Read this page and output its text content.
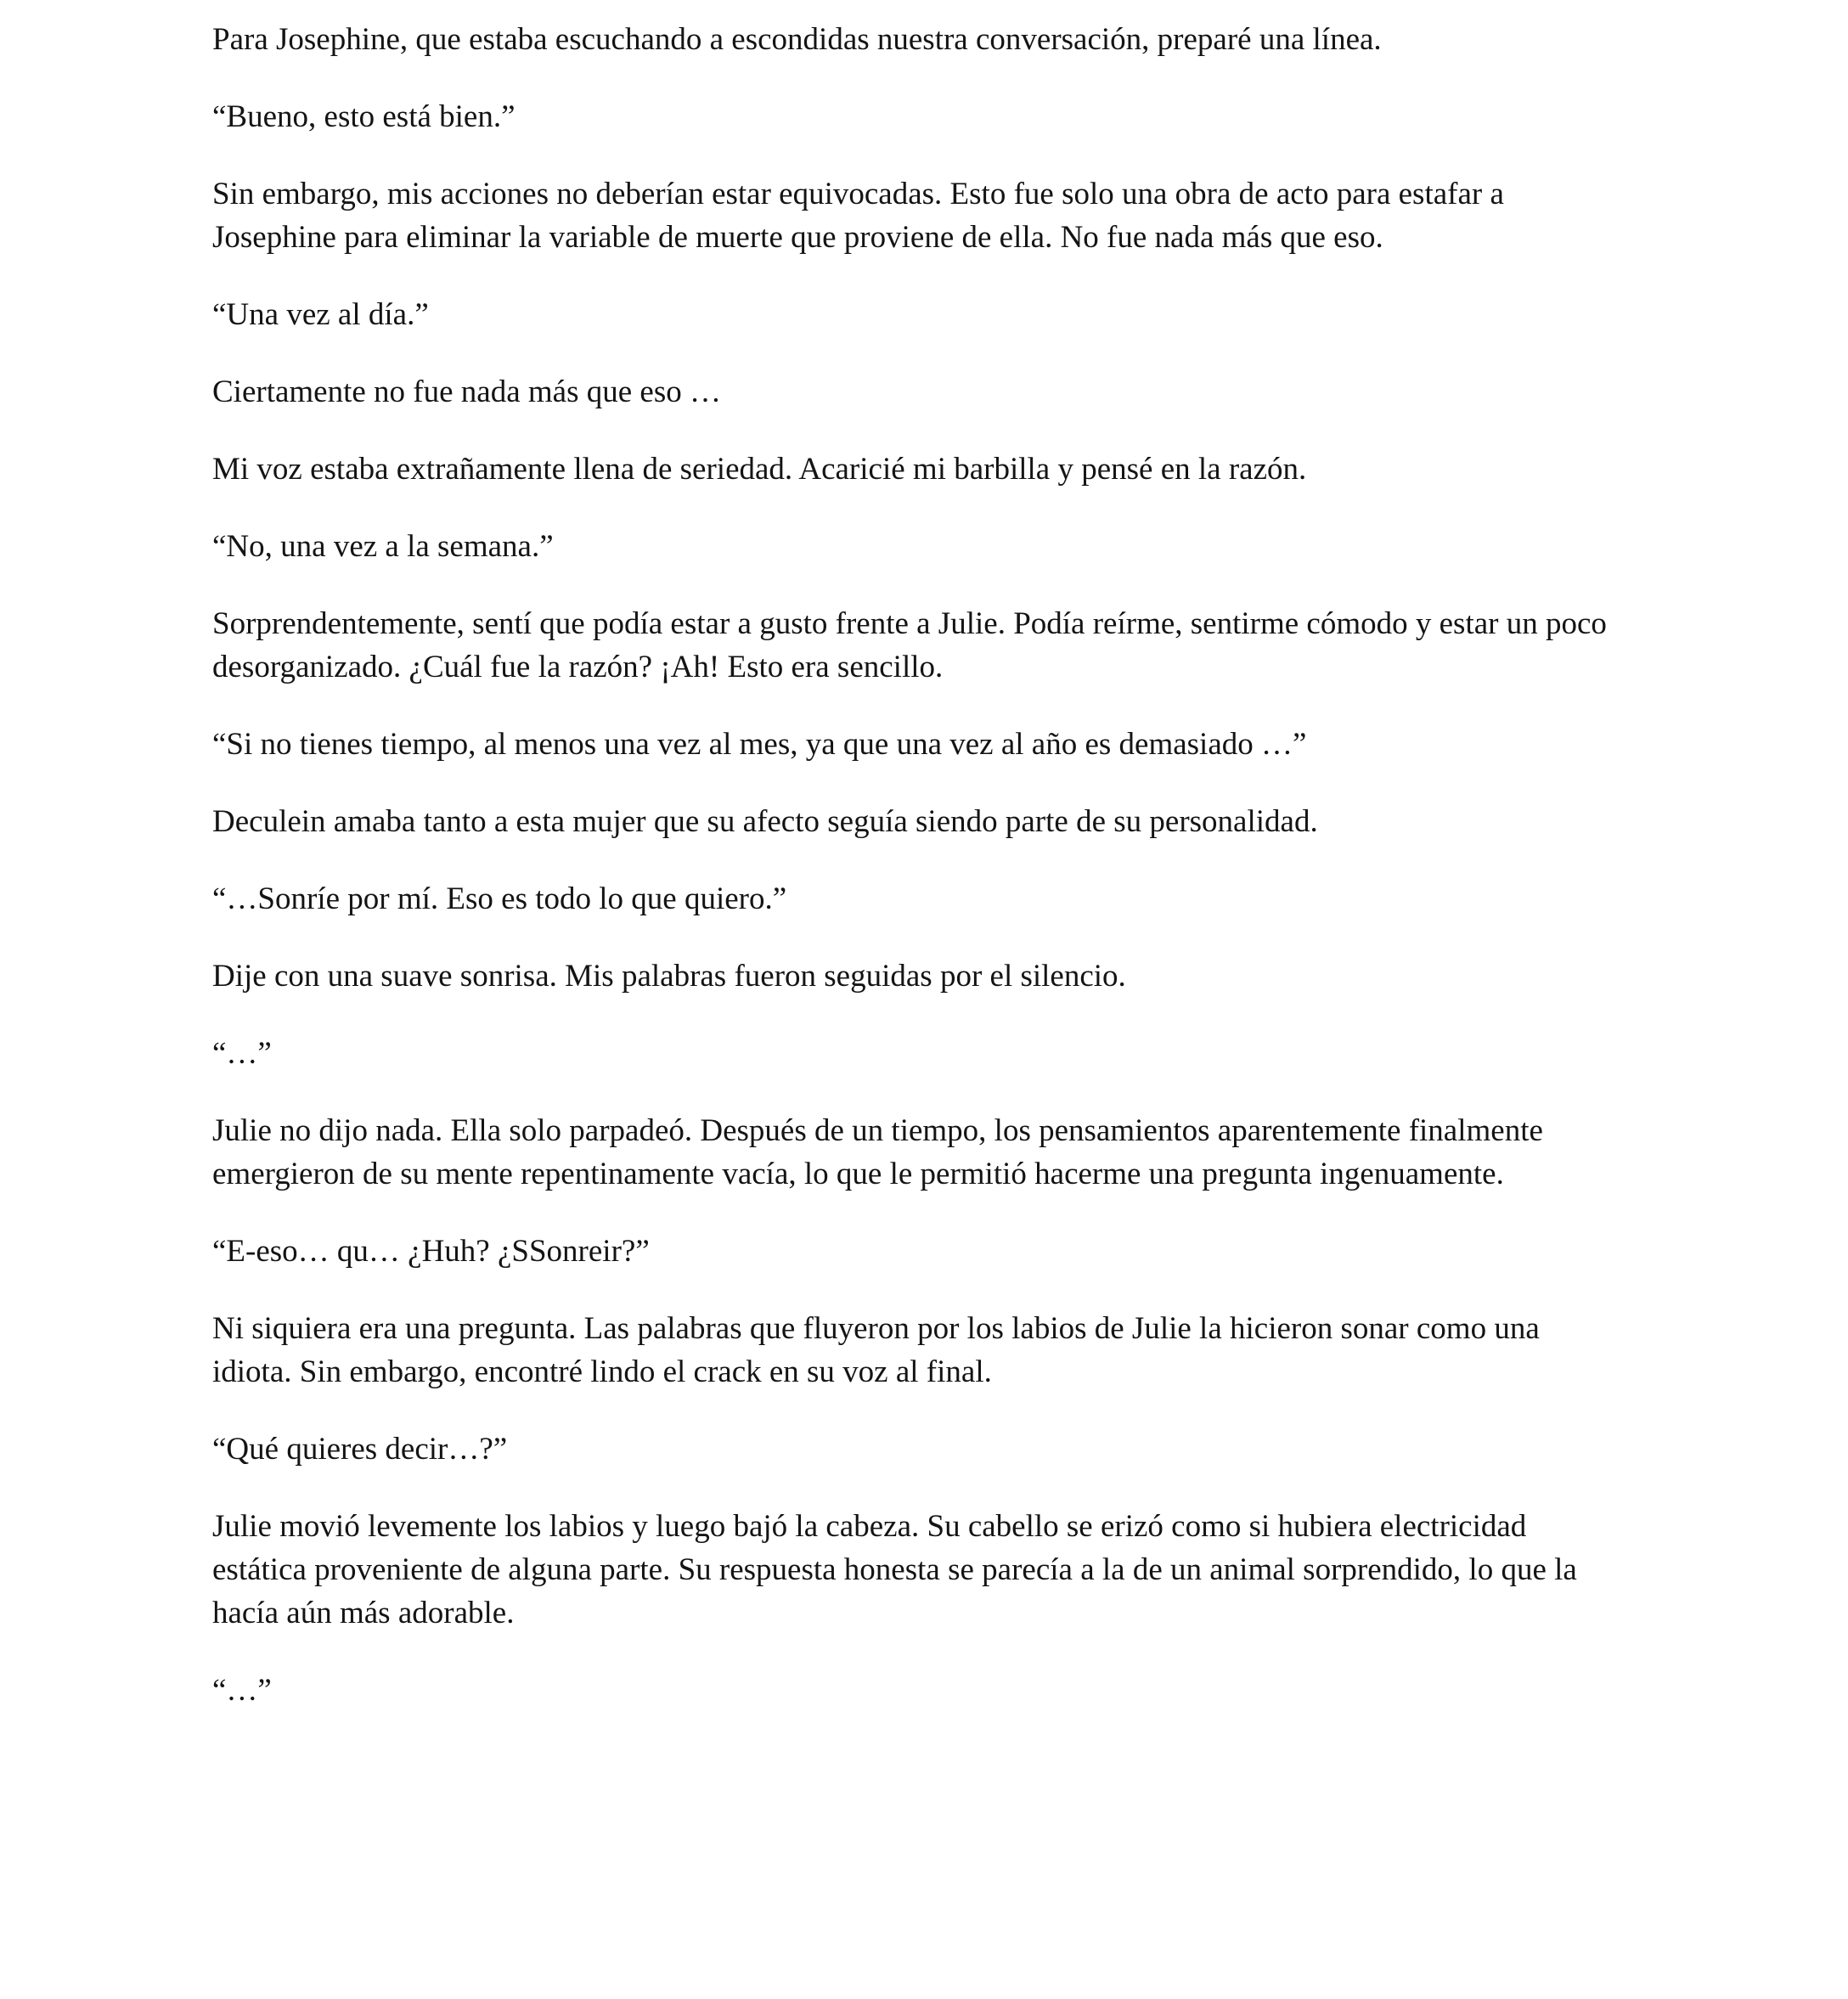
Para Josephine, que estaba escuchando a escondidas nuestra conversación, preparé una línea.

“Bueno, esto está bien.”

Sin embargo, mis acciones no deberían estar equivocadas. Esto fue solo una obra de acto para estafar a Josephine para eliminar la variable de muerte que proviene de ella. No fue nada más que eso.

“Una vez al día.”

Ciertamente no fue nada más que eso …

Mi voz estaba extrañamente llena de seriedad. Acaricié mi barbilla y pensé en la razón.

“No, una vez a la semana.”

Sorprendentemente, sentí que podía estar a gusto frente a Julie. Podía reírme, sentirme cómodo y estar un poco desorganizado. ¿Cuál fue la razón? ¡Ah! Esto era sencillo.

“Si no tienes tiempo, al menos una vez al mes, ya que una vez al año es demasiado …”

Deculein amaba tanto a esta mujer que su afecto seguía siendo parte de su personalidad.

“…Sonríe por mí. Eso es todo lo que quiero.”

Dije con una suave sonrisa. Mis palabras fueron seguidas por el silencio.

“…”

Julie no dijo nada. Ella solo parpadeó. Después de un tiempo, los pensamientos aparentemente finalmente emergieron de su mente repentinamente vacía, lo que le permitió hacerme una pregunta ingenuamente.

“E-eso… qu… ¿Huh? ¿SSonreir?”

Ni siquiera era una pregunta. Las palabras que fluyeron por los labios de Julie la hicieron sonar como una idiota. Sin embargo, encontré lindo el crack en su voz al final.

“Qué quieres decir…?”

Julie movió levemente los labios y luego bajó la cabeza. Su cabello se erizó como si hubiera electricidad estática proveniente de alguna parte. Su respuesta honesta se parecía a la de un animal sorprendido, lo que la hacía aún más adorable.

“…”
